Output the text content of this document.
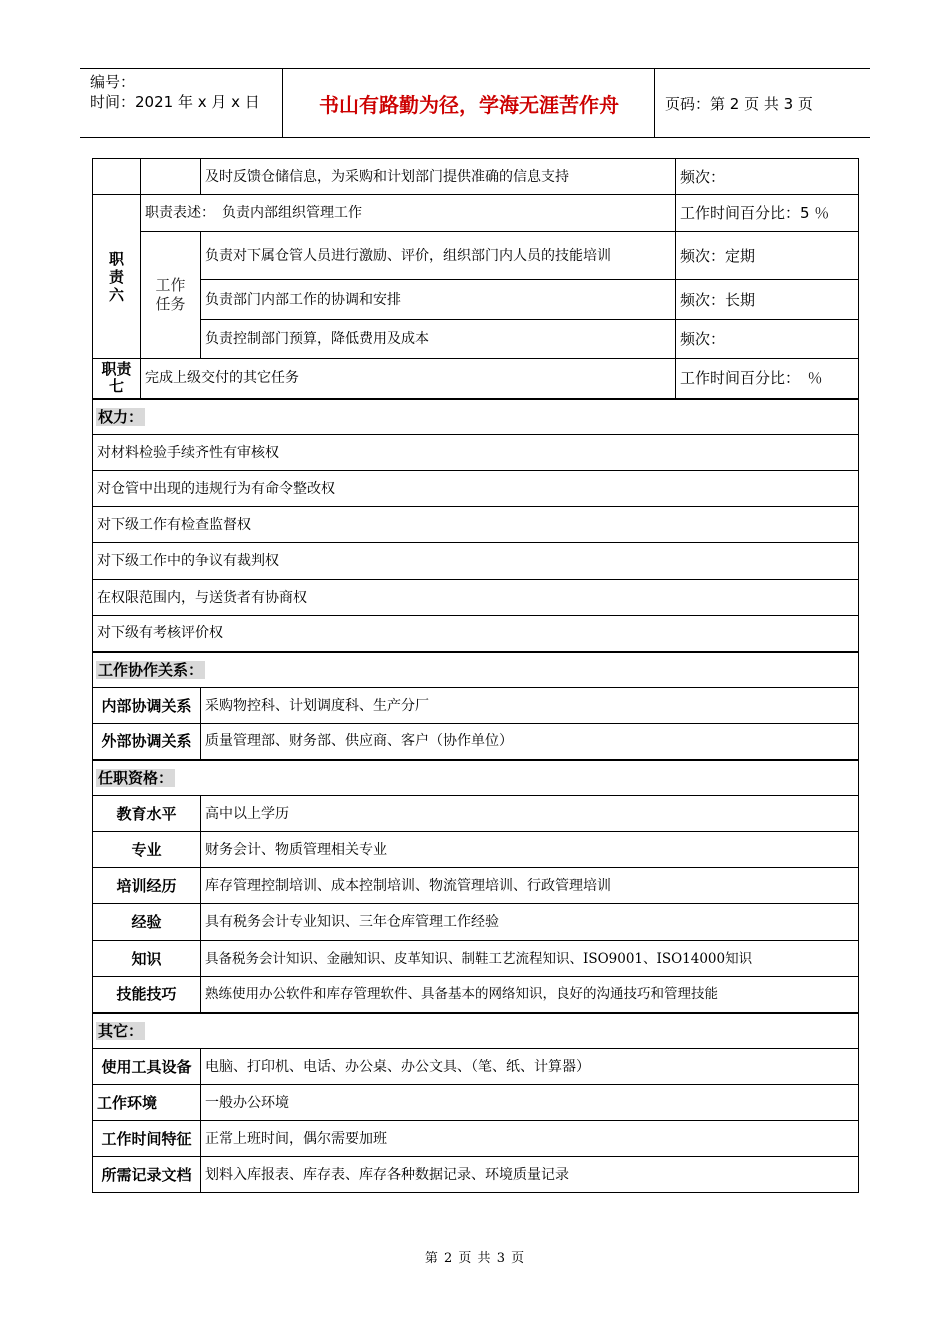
编号：
时间：2021 年 x 月 x 日	书山有路勤为径，学海无涯苦作舟	页码：第 2 页 共 3 页
		及时反馈仓储信息，为采购和计划部门提供准确的信息支持	频次：

职责六	职责表述：　负责内部组织管理工作		工作时间百分比：5 ％

	工作任务	负责对下属仓管人员进行激励、评价，组织部门内人员的技能培训	频次：定期
		负责部门内部工作的协调和安排	频次：长期
		负责控制部门预算，降低费用及成本	频次：

职责七	完成上级交付的其它任务		工作时间百分比：　％
权力：			
对材料检验手续齐性有审核权			
对仓管中出现的违规行为有命令整改权			
对下级工作有检查监督权			
对下级工作中的争议有裁判权			
在权限范围内，与送货者有协商权			
对下级有考核评价权			
工作协作关系：			
内部协调关系		采购物控科、计划调度科、生产分厂	
外部协调关系		质量管理部、财务部、供应商、客户（协作单位）	
任职资格：			
教育水平		高中以上学历	
专业		财务会计、物质管理相关专业	
培训经历		库存管理控制培训、成本控制培训、物流管理培训、行政管理培训	
经验		具有税务会计专业知识、三年仓库管理工作经验	
知识		具备税务会计知识、金融知识、皮革知识、制鞋工艺流程知识、ISO9001、ISO14000知识	
技能技巧		熟练使用办公软件和库存管理软件、具备基本的网络知识，良好的沟通技巧和管理技能	
其它：			
使用工具设备		电脑、打印机、电话、办公桌、办公文具、（笔、纸、计算器）	
工作环境		一般办公环境	
工作时间特征		正常上班时间，偶尔需要加班	
所需记录文档		划料入库报表、库存表、库存各种数据记录、环境质量记录	
第 2 页 共 3 页
